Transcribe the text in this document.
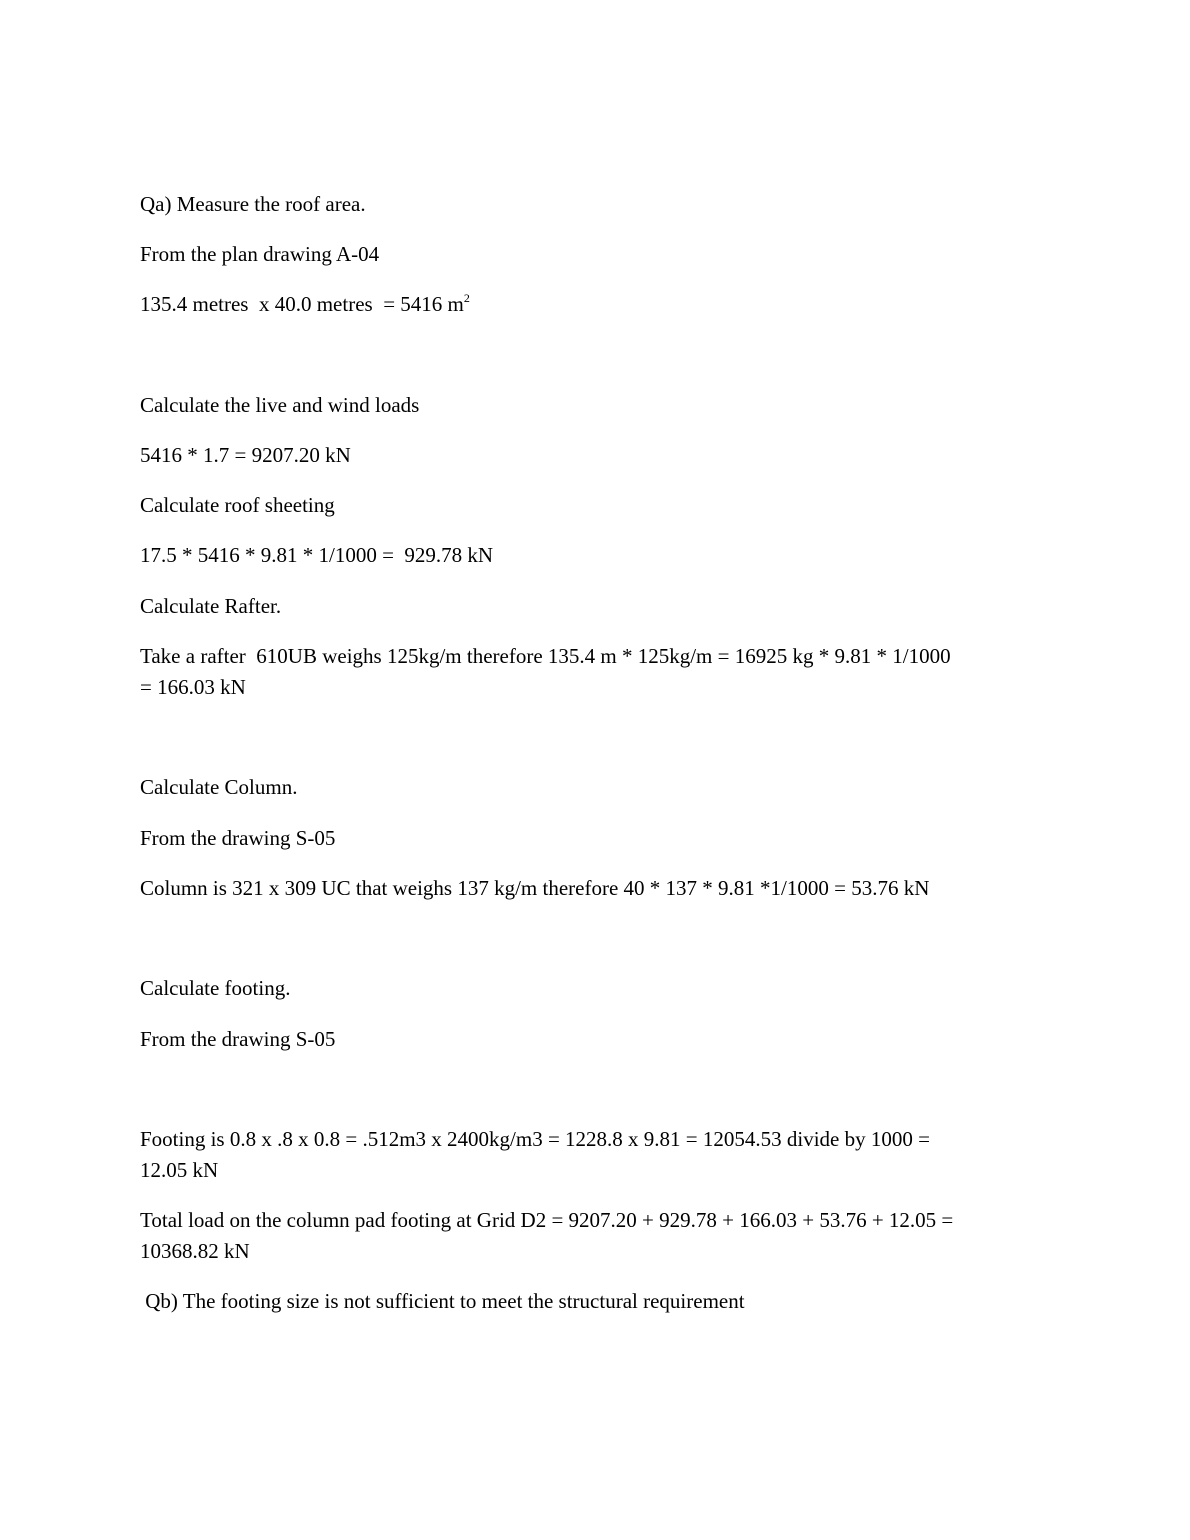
Qa) Measure the roof area.

From the plan drawing A-04

135.4 metres  x 40.0 metres  = 5416 $m^2$

Calculate the live and wind loads

5416 * 1.7 = 9207.20 kN

Calculate roof sheeting

17.5 * 5416 * 9.81 * 1/1000 =  929.78 kN

Calculate Rafter.

Take a rafter  610UB weighs 125kg/m therefore 135.4 m * 125kg/m = 16925 kg * 9.81 * 1/1000

= 166.03 kN

Calculate Column.

From the drawing S-05

Column is 321 x 309 UC that weighs 137 kg/m therefore 40 * 137 * 9.81 *1/1000 = 53.76 kN

Calculate footing.

From the drawing S-05

Footing is 0.8 x .8 x 0.8 = .512m3 x 2400kg/m3 = 1228.8 x 9.81 = 12054.53 divide by 1000 =

12.05 kN

Total load on the column pad footing at Grid D2 = 9207.20 + 929.78 + 166.03 + 53.76 + 12.05 =

10368.82 kN

Qb) The footing size is not sufficient to meet the structural requirement
